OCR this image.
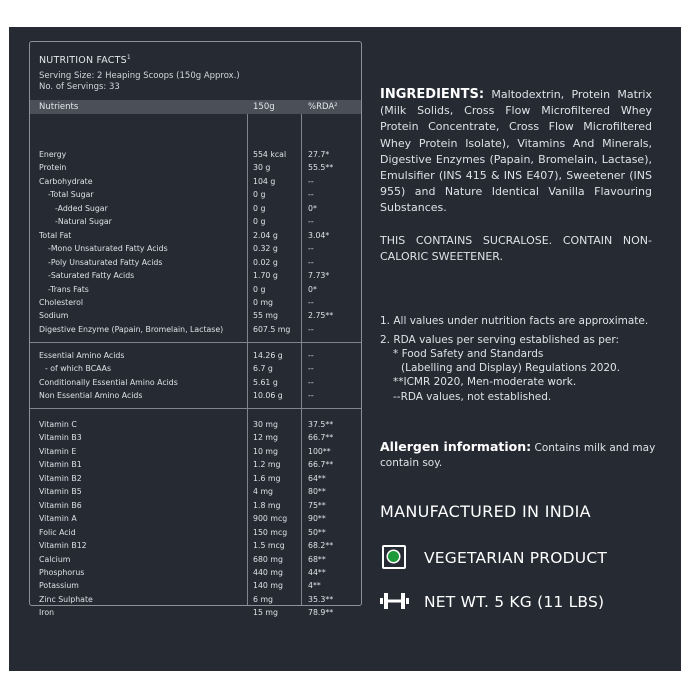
NUTRITION FACTS$^1$
Serving Size: 2 Heaping Scoops (150g Approx.)
No. of Servings: 33
Nutrients	150g	%RDA²
Energy	554 kcal	27.7*
Protein	30 g	55.5**
Carbohydrate	104 g	--
-Total Sugar	0 g	--
-Added Sugar	0 g	0*
-Natural Sugar	0 g	--
Total Fat	2.04 g	3.04*
-Mono Unsaturated Fatty Acids	0.32 g	--
-Poly Unsaturated Fatty Acids	0.02 g	--
-Saturated Fatty Acids	1.70 g	7.73*
-Trans Fats	0 g	0*
Cholesterol	0 mg	--
Sodium	55 mg	2.75**
Digestive Enzyme (Papain, Bromelain, Lactase)	607.5 mg --
Essential Amino Acids	14.26 g	--
- of which BCAAs	6.7 g	--
Conditionally Essential Amino Acids	5.61 g	--
Non Essential Amino Acids	10.06 g	--
Vitamin C	30 mg	37.5**
Vitamin B3	12 mg	66.7**
Vitamin E	10 mg	100**
Vitamin B1	1.2 mg	66.7**
Vitamin B2	1.6 mg	64**
Vitamin B5	4 mg	80**
Vitamin B6	1.8 mg	75**
Vitamin A	900 mcg	90**
Folic Acid	150 mcg	50**
Vitamin B12	1.5 mcg	68.2**
Calcium	680 mg	68**
Phosphorus	440 mg	44**
Potassium	140 mg	4**
Zinc Sulphate	6 mg	35.3**
Iron	15 mg	78.9**
INGREDIENTS: Maltodextrin, Protein Matrix (Milk Solids, Cross Flow Microfiltered Whey Protein Concentrate, Cross Flow Microfiltered Whey Protein Isolate), Vitamins And Minerals, Digestive Enzymes (Papain, Bromelain, Lactase), Emulsifier (INS 415 & INS E407), Sweetener (INS 955) and Nature Identical Vanilla Flavouring Substances.
THIS CONTAINS SUCRALOSE. CONTAIN NON-CALORIC SWEETENER.
1. All values under nutrition facts are approximate.
2. RDA values per serving established as per:
* Food Safety and Standards
(Labelling and Display) Regulations 2020.
**ICMR 2020, Men-moderate work.
--RDA values, not established.
Allergen information: Contains milk and may contain soy.
MANUFACTURED IN INDIA
VEGETARIAN PRODUCT
NET WT. 5 KG (11 LBS)
